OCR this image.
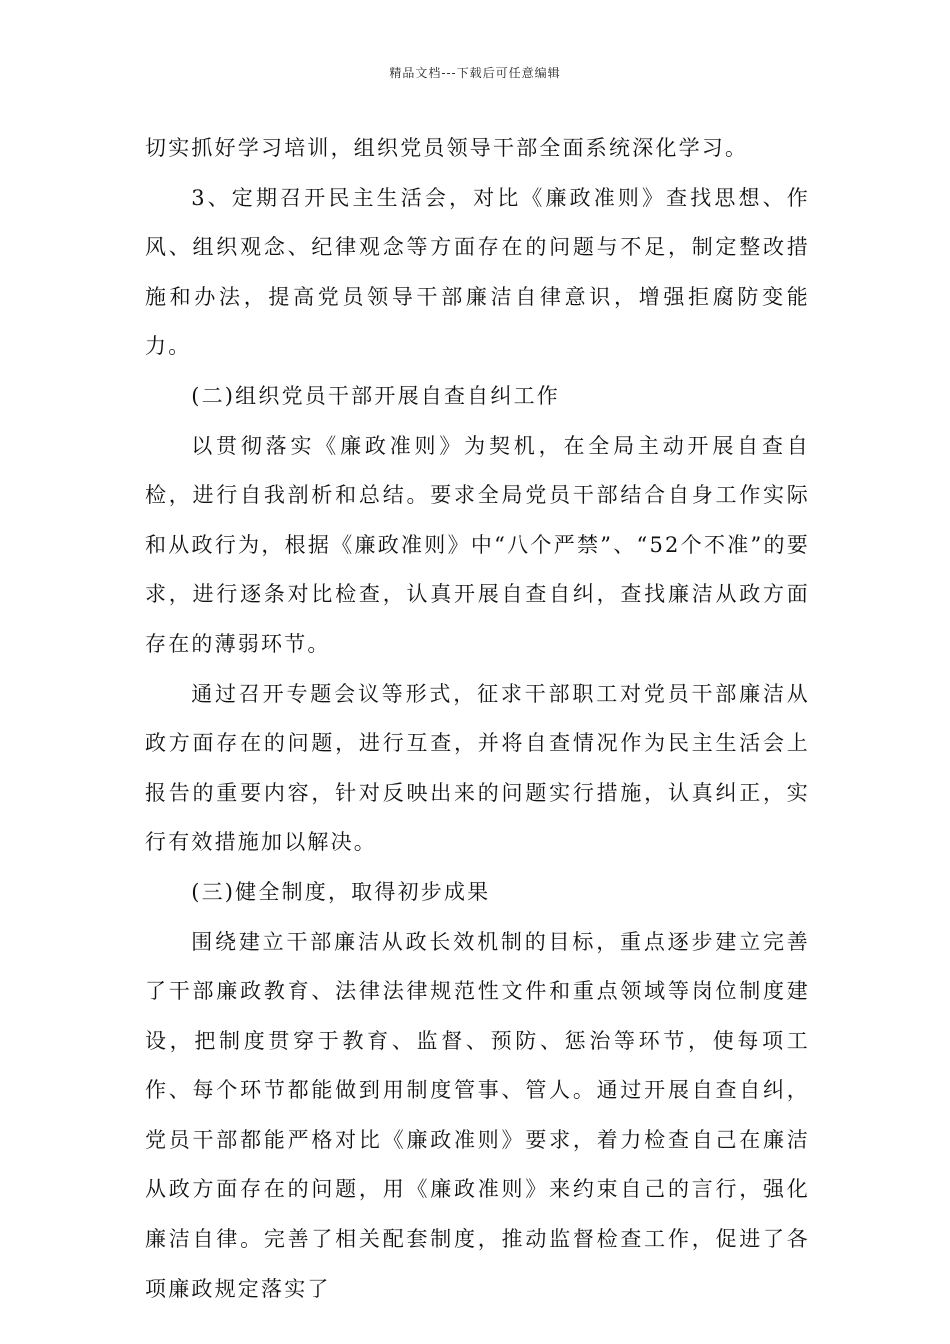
精品文档---下载后可任意编辑

切实抓好学习培训，组织党员领导干部全面系统深化学习。

3、定期召开民主生活会，对比《廉政准则》查找思想、作风、组织观念、纪律观念等方面存在的问题与不足，制定整改措施和办法，提高党员领导干部廉洁自律意识，增强拒腐防变能力。

(二)组织党员干部开展自查自纠工作

以贯彻落实《廉政准则》为契机，在全局主动开展自查自检，进行自我剖析和总结。要求全局党员干部结合自身工作实际和从政行为，根据《廉政准则》中“八个严禁”、“52个不准”的要求，进行逐条对比检查，认真开展自查自纠，查找廉洁从政方面存在的薄弱环节。

通过召开专题会议等形式，征求干部职工对党员干部廉洁从政方面存在的问题，进行互查，并将自查情况作为民主生活会上报告的重要内容，针对反映出来的问题实行措施，认真纠正，实行有效措施加以解决。

(三)健全制度，取得初步成果

围绕建立干部廉洁从政长效机制的目标，重点逐步建立完善了干部廉政教育、法律法律规范性文件和重点领域等岗位制度建设，把制度贯穿于教育、监督、预防、惩治等环节，使每项工作、每个环节都能做到用制度管事、管人。通过开展自查自纠，党员干部都能严格对比《廉政准则》要求，着力检查自己在廉洁从政方面存在的问题，用《廉政准则》来约束自己的言行，强化廉洁自律。完善了相关配套制度，推动监督检查工作，促进了各项廉政规定落实了
